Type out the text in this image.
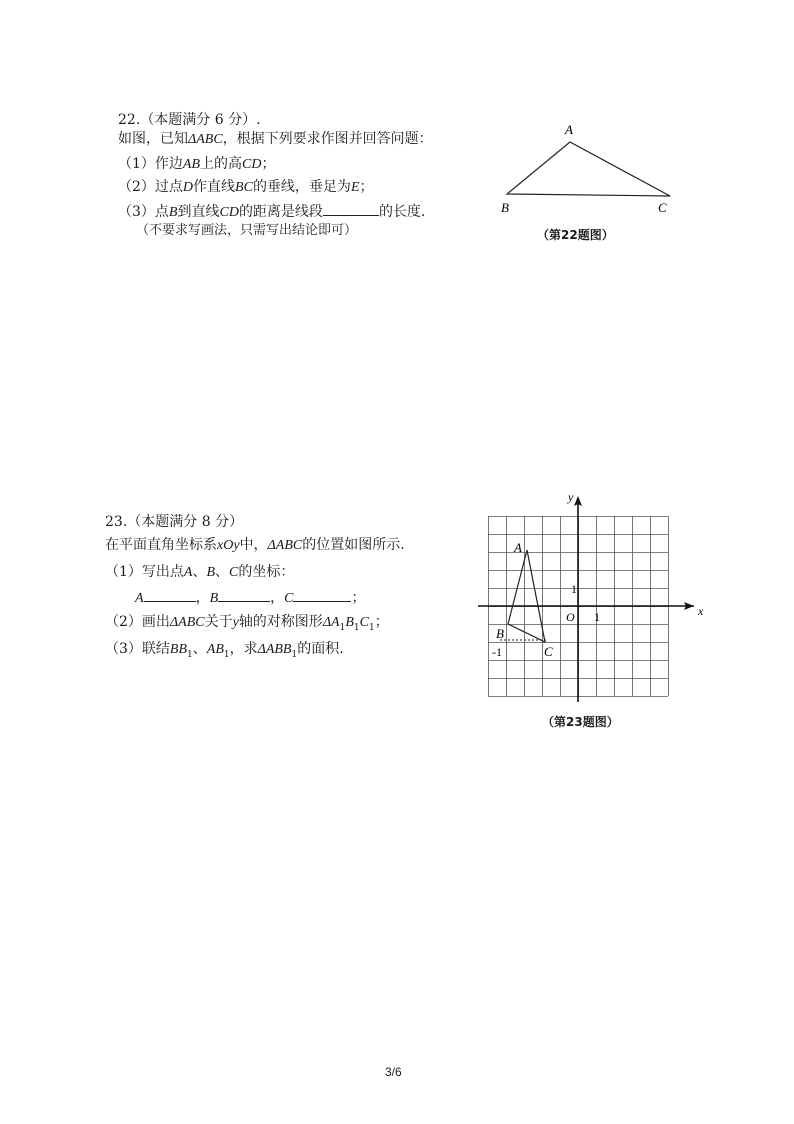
22.（本题满分 6 分）.
如图，已知ΔABC，根据下列要求作图并回答问题：
（1）作边AB上的高CD；
（2）过点D作直线BC的垂线，垂足为E；
（3）点B到直线CD的距离是线段	的长度.
（不要求写画法，只需写出结论即可）
A
B	C
（第22题图）
23.（本题满分 8 分）
在平面直角坐标系xOy中，ΔABC的位置如图所示.
（1）写出点A、B、C的坐标：
A	，B	，C	；
（2）画出ΔABC关于y轴的对称图形$\Delta A_1B_1C_1$；
（3）联结$BB_1$、$AB_1$，求$\Delta ABB_1$的面积.
x
y
O 1
1
A
B
C
-1
（第23题图）
3/6
